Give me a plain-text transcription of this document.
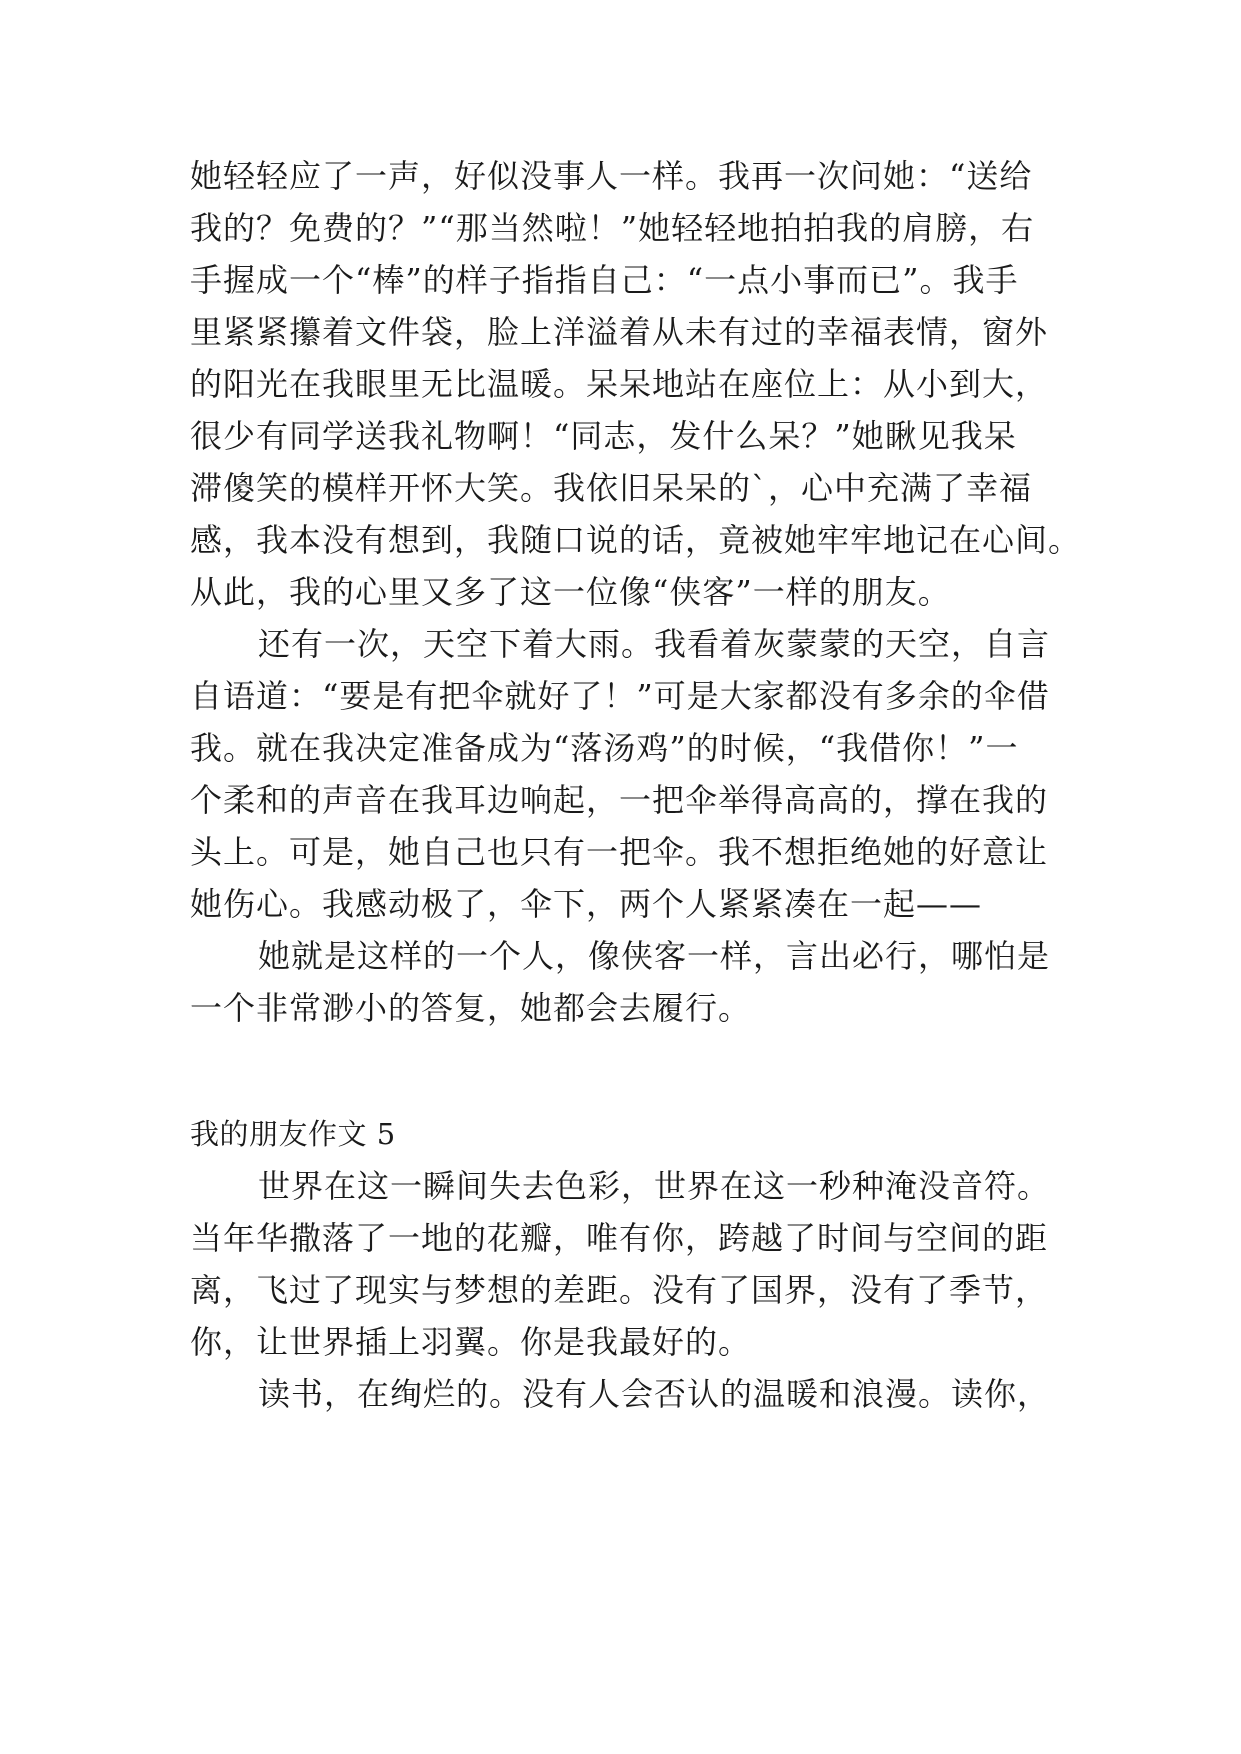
她轻轻应了一声，好似没事人一样。我再一次问她：“送给
我的？免费的？”“那当然啦！”她轻轻地拍拍我的肩膀，右
手握成一个“棒”的样子指指自己：“一点小事而已”。我手
里紧紧攥着文件袋，脸上洋溢着从未有过的幸福表情，窗外
的阳光在我眼里无比温暖。呆呆地站在座位上：从小到大，
很少有同学送我礼物啊！“同志，发什么呆？”她瞅见我呆
滞傻笑的模样开怀大笑。我依旧呆呆的`，心中充满了幸福
感，我本没有想到，我随口说的话，竟被她牢牢地记在心间。
从此，我的心里又多了这一位像“侠客”一样的朋友。
还有一次，天空下着大雨。我看着灰蒙蒙的天空，自言
自语道：“要是有把伞就好了！”可是大家都没有多余的伞借
我。就在我决定准备成为“落汤鸡”的时候，“我借你！”一
个柔和的声音在我耳边响起，一把伞举得高高的，撑在我的
头上。可是，她自己也只有一把伞。我不想拒绝她的好意让
她伤心。我感动极了，伞下，两个人紧紧凑在一起——
她就是这样的一个人，像侠客一样，言出必行，哪怕是
一个非常渺小的答复，她都会去履行。
我的朋友作文 5
世界在这一瞬间失去色彩，世界在这一秒种淹没音符。
当年华撒落了一地的花瓣，唯有你，跨越了时间与空间的距
离，飞过了现实与梦想的差距。没有了国界，没有了季节，
你，让世界插上羽翼。你是我最好的。
读书，在绚烂的。没有人会否认的温暖和浪漫。读你，
